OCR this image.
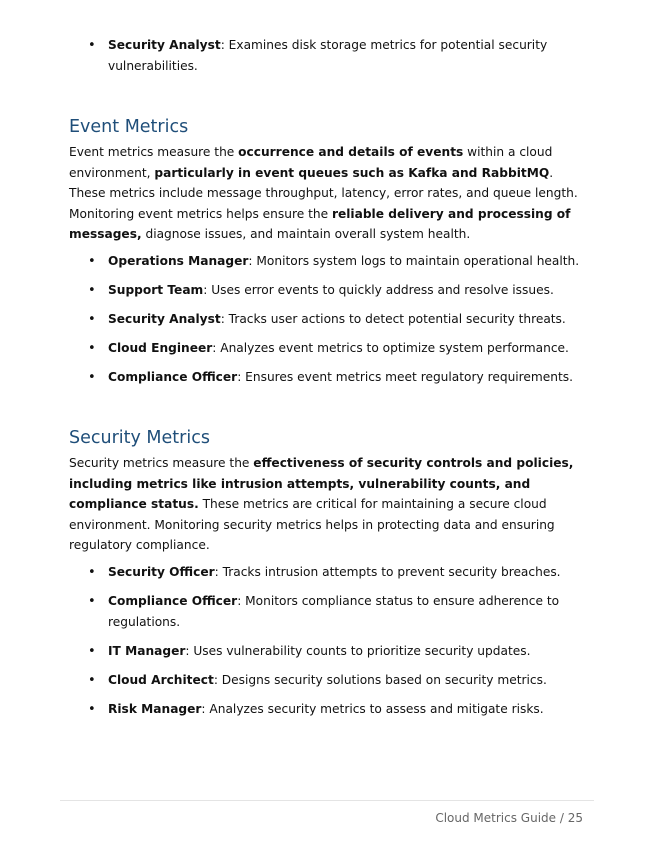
• Security Analyst: Examines disk storage metrics for potential security vulnerabilities.
Event Metrics

Event metrics measure the occurrence and details of events within a cloud environment, particularly in event queues such as Kafka and RabbitMQ. These metrics include message throughput, latency, error rates, and queue length. Monitoring event metrics helps ensure the reliable delivery and processing of messages, diagnose issues, and maintain overall system health.

• Operations Manager: Monitors system logs to maintain operational health.
• Support Team: Uses error events to quickly address and resolve issues.
• Security Analyst: Tracks user actions to detect potential security threats.
• Cloud Engineer: Analyzes event metrics to optimize system performance.
• Compliance Officer: Ensures event metrics meet regulatory requirements.
Security Metrics

Security metrics measure the effectiveness of security controls and policies, including metrics like intrusion attempts, vulnerability counts, and compliance status. These metrics are critical for maintaining a secure cloud environment. Monitoring security metrics helps in protecting data and ensuring regulatory compliance.

• Security Officer: Tracks intrusion attempts to prevent security breaches.
• Compliance Officer: Monitors compliance status to ensure adherence to regulations.
• IT Manager: Uses vulnerability counts to prioritize security updates.
• Cloud Architect: Designs security solutions based on security metrics.
• Risk Manager: Analyzes security metrics to assess and mitigate risks.
Cloud Metrics Guide / 25
